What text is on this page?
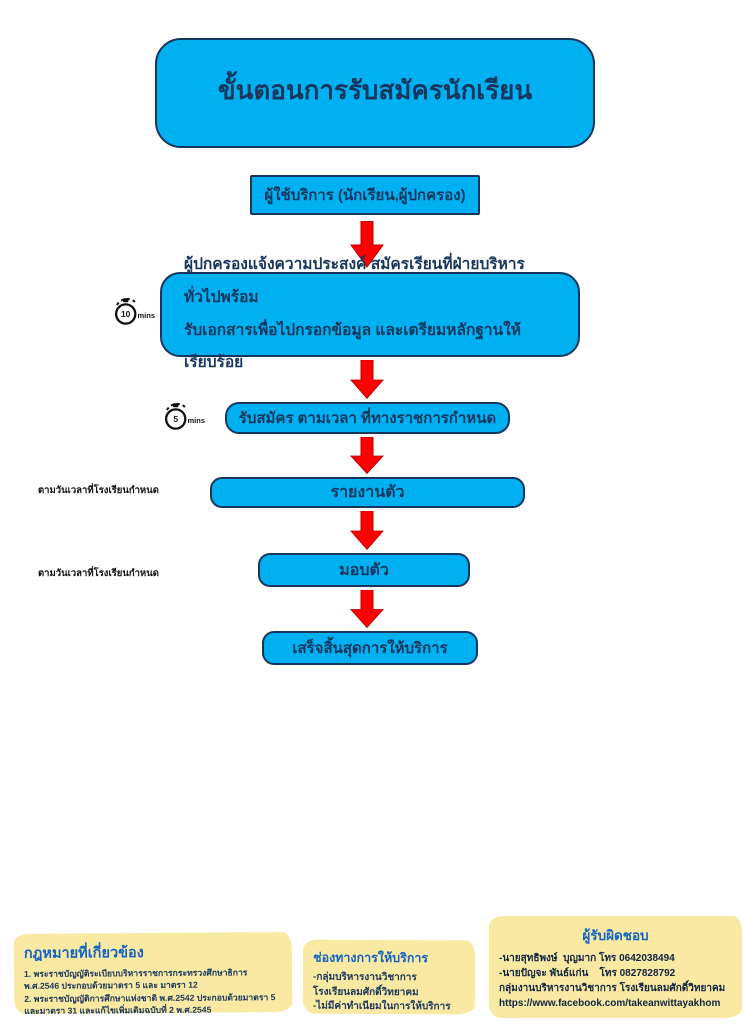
ขั้นตอนการรับสมัครนักเรียน
ผู้ใช้บริการ (นักเรียน,ผู้ปกครอง)
10 mins
ผู้ปกครองแจ้งความประสงค์ สมัครเรียนที่ฝ่ายบริหารทั่วไปพร้อม
รับเอกสารเพื่อไปกรอกข้อมูล และเตรียมหลักฐานให้เรียบร้อย
5 mins รับสมัคร ตามเวลา ที่ทางราชการกำหนด
ตามวันเวลาที่โรงเรียนกำหนด	รายงานตัว
ตามวันเวลาที่โรงเรียนกำหนด	มอบตัว
เสร็จสิ้นสุดการให้บริการ
กฎหมายที่เกี่ยวข้อง
1. พระราชบัญญัติระเบียบบริหารราชการกระทรวงศึกษาธิการ พ.ศ.2546 ประกอบด้วยมาตรา 5 และ มาตรา 12
2. พระราชบัญญัติการศึกษาแห่งชาติ พ.ศ.2542 ประกอบด้วยมาตรา 5 และมาตรา 31 และแก้ไขเพิ่มเติมฉบับที่ 2 พ.ศ.2545
ช่องทางการให้บริการ
-กลุ่มบริหารงานวิชาการ
โรงเรียนลมศักดิ์วิทยาคม
-ไม่มีค่าทำเนียมในการให้บริการ
ผู้รับผิดชอบ
-นายสุทธิพงษ์  บุญมาก โทร 0642038494
-นายปัญจะ พันธ์แก่น    โทร 0827828792
กลุ่มงานบริหารงานวิชาการ โรงเรียนลมศักดิ์วิทยาคม
https://www.facebook.com/takeanwittayakhom
